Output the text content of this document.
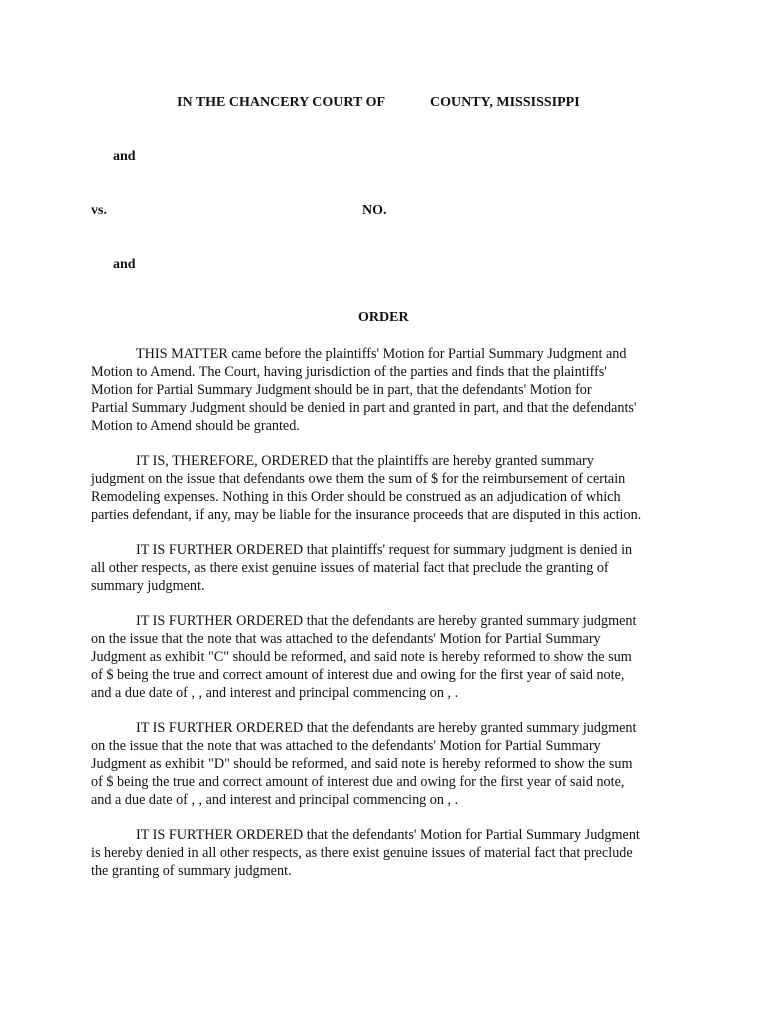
IN THE CHANCERY COURT OF	COUNTY, MISSISSIPPI
and
vs.	NO.
and
ORDER
THIS MATTER came before the plaintiffs' Motion for Partial Summary Judgment and
Motion to Amend. The Court, having jurisdiction of the parties and finds that the plaintiffs'
Motion for Partial Summary Judgment should be in part, that the defendants' Motion for
Partial Summary Judgment should be denied in part and granted in part, and that the defendants'
Motion to Amend should be granted.
IT IS, THEREFORE, ORDERED that the plaintiffs are hereby granted summary
judgment on the issue that defendants owe them the sum of $ for the reimbursement of certain
Remodeling expenses. Nothing in this Order should be construed as an adjudication of which
parties defendant, if any, may be liable for the insurance proceeds that are disputed in this action.
IT IS FURTHER ORDERED that plaintiffs' request for summary judgment is denied in
all other respects, as there exist genuine issues of material fact that preclude the granting of
summary judgment.
IT IS FURTHER ORDERED that the defendants are hereby granted summary judgment
on the issue that the note that was attached to the defendants' Motion for Partial Summary
Judgment as exhibit "C" should be reformed, and said note is hereby reformed to show the sum
of $ being the true and correct amount of interest due and owing for the first year of said note,
and a due date of , , and interest and principal commencing on , .
IT IS FURTHER ORDERED that the defendants are hereby granted summary judgment
on the issue that the note that was attached to the defendants' Motion for Partial Summary
Judgment as exhibit "D" should be reformed, and said note is hereby reformed to show the sum
of $ being the true and correct amount of interest due and owing for the first year of said note,
and a due date of , , and interest and principal commencing on , .
IT IS FURTHER ORDERED that the defendants' Motion for Partial Summary Judgment
is hereby denied in all other respects, as there exist genuine issues of material fact that preclude
the granting of summary judgment.
